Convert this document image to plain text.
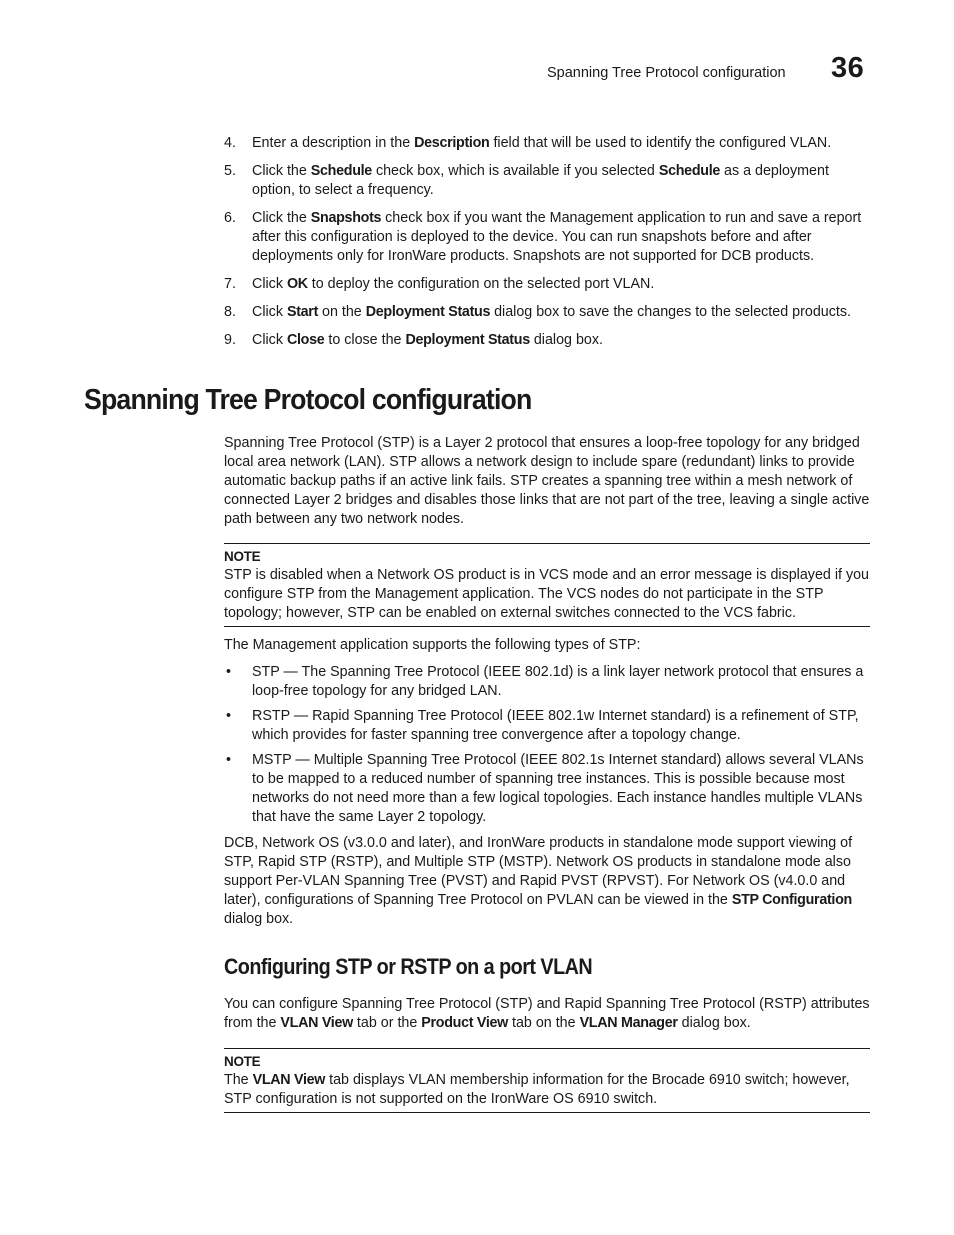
Spanning Tree Protocol configuration 36
4.	Enter a description in the Description field that will be used to identify the configured VLAN.
5.	Click the Schedule check box, which is available if you selected Schedule as a deployment option, to select a frequency.
6.	Click the Snapshots check box if you want the Management application to run and save a report after this configuration is deployed to the device. You can run snapshots before and after deployments only for IronWare products. Snapshots are not supported for DCB products.
7.	Click OK to deploy the configuration on the selected port VLAN.
8.	Click Start on the Deployment Status dialog box to save the changes to the selected products.
9.	Click Close to close the Deployment Status dialog box.
Spanning Tree Protocol configuration
Spanning Tree Protocol (STP) is a Layer 2 protocol that ensures a loop-free topology for any bridged local area network (LAN). STP allows a network design to include spare (redundant) links to provide automatic backup paths if an active link fails. STP creates a spanning tree within a mesh network of connected Layer 2 bridges and disables those links that are not part of the tree, leaving a single active path between any two network nodes.
NOTE
STP is disabled when a Network OS product is in VCS mode and an error message is displayed if you configure STP from the Management application. The VCS nodes do not participate in the STP topology; however, STP can be enabled on external switches connected to the VCS fabric.
The Management application supports the following types of STP:
•	STP — The Spanning Tree Protocol (IEEE 802.1d) is a link layer network protocol that ensures a loop-free topology for any bridged LAN.
•	RSTP — Rapid Spanning Tree Protocol (IEEE 802.1w Internet standard) is a refinement of STP, which provides for faster spanning tree convergence after a topology change.
•	MSTP — Multiple Spanning Tree Protocol (IEEE 802.1s Internet standard) allows several VLANs to be mapped to a reduced number of spanning tree instances. This is possible because most networks do not need more than a few logical topologies. Each instance handles multiple VLANs that have the same Layer 2 topology.
DCB, Network OS (v3.0.0 and later), and IronWare products in standalone mode support viewing of STP, Rapid STP (RSTP), and Multiple STP (MSTP). Network OS products in standalone mode also support Per-VLAN Spanning Tree (PVST) and Rapid PVST (RPVST). For Network OS (v4.0.0 and later), configurations of Spanning Tree Protocol on PVLAN can be viewed in the STP Configuration dialog box.
Configuring STP or RSTP on a port VLAN
You can configure Spanning Tree Protocol (STP) and Rapid Spanning Tree Protocol (RSTP) attributes from the VLAN View tab or the Product View tab on the VLAN Manager dialog box.
NOTE
The VLAN View tab displays VLAN membership information for the Brocade 6910 switch; however, STP configuration is not supported on the IronWare OS 6910 switch.
